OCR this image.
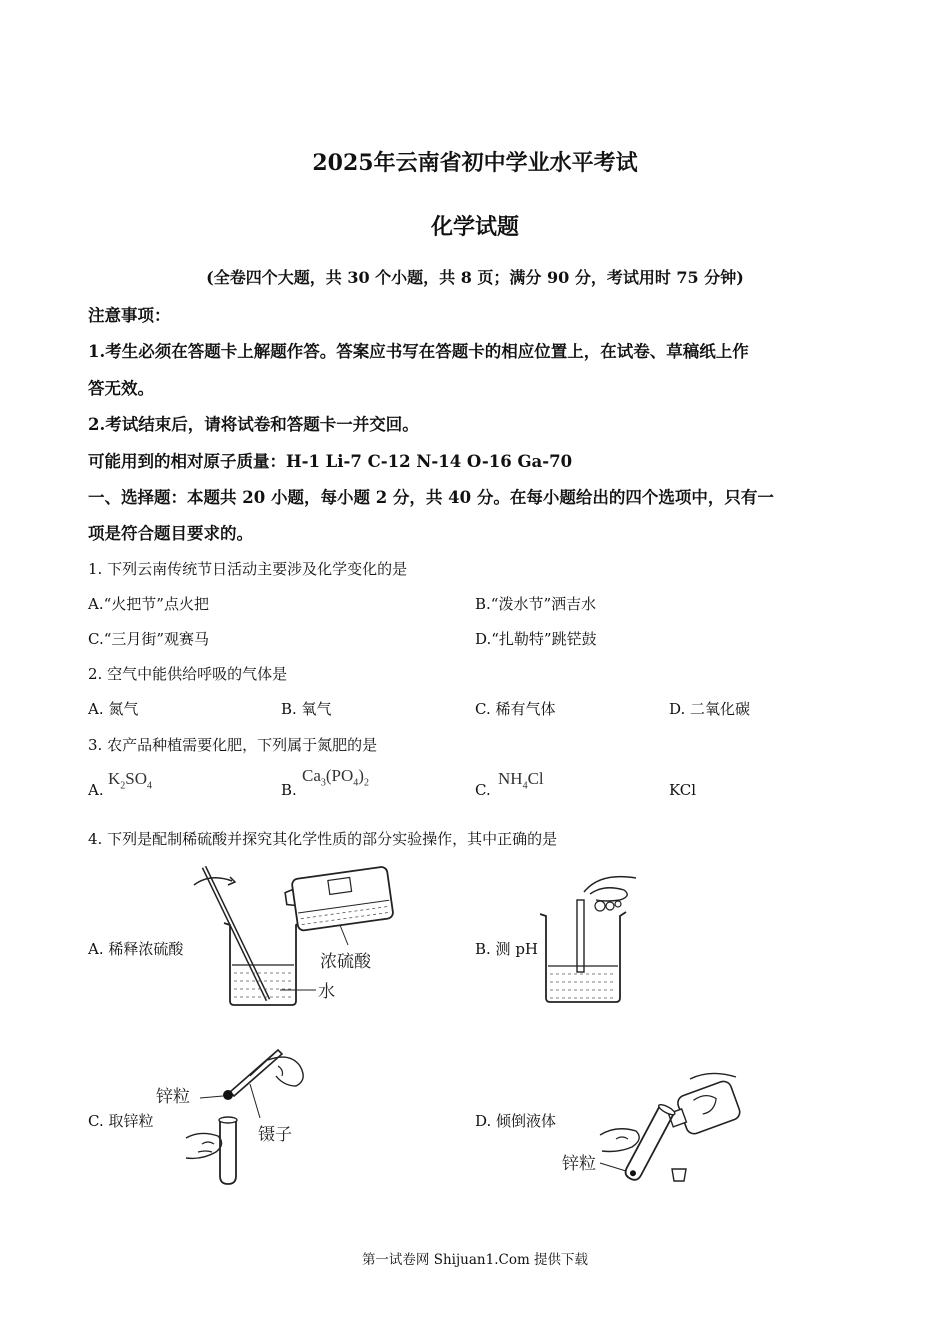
2025年云南省初中学业水平考试
化学试题
(全卷四个大题，共 30 个小题，共 8 页；满分 90 分，考试用时 75 分钟)
注意事项：
1.考生必须在答题卡上解题作答。答案应书写在答题卡的相应位置上，在试卷、草稿纸上作
答无效。
2.考试结束后，请将试卷和答题卡一并交回。
可能用到的相对原子质量：H-1 Li-7 C-12 N-14 O-16 Ga-70
一、选择题：本题共 20 小题，每小题 2 分，共 40 分。在每小题给出的四个选项中，只有一
项是符合题目要求的。
1. 下列云南传统节日活动主要涉及化学变化的是
A.“火把节”点火把	B.“泼水节”洒吉水
C.“三月街”观赛马	D.“扎勒特”跳铓鼓
2. 空气中能供给呼吸的气体是
A. 氮气	B. 氧气	C. 稀有气体	D. 二氧化碳
3. 农产品种植需要化肥，下列属于氮肥的是
A.
$K_2SO_4$	B.
$Ca_3(PO_4)_2$	C.
$NH_4Cl$
KCl
4. 下列是配制稀硫酸并探究其化学性质的部分实验操作，其中正确的是
A. 稀释浓硫酸	B. 测 pH
C. 取锌粒	D. 倾倒液体
浓硫酸
水
锌粒
镊子
锌粒
第一试卷网 Shijuan1.Com 提供下载
